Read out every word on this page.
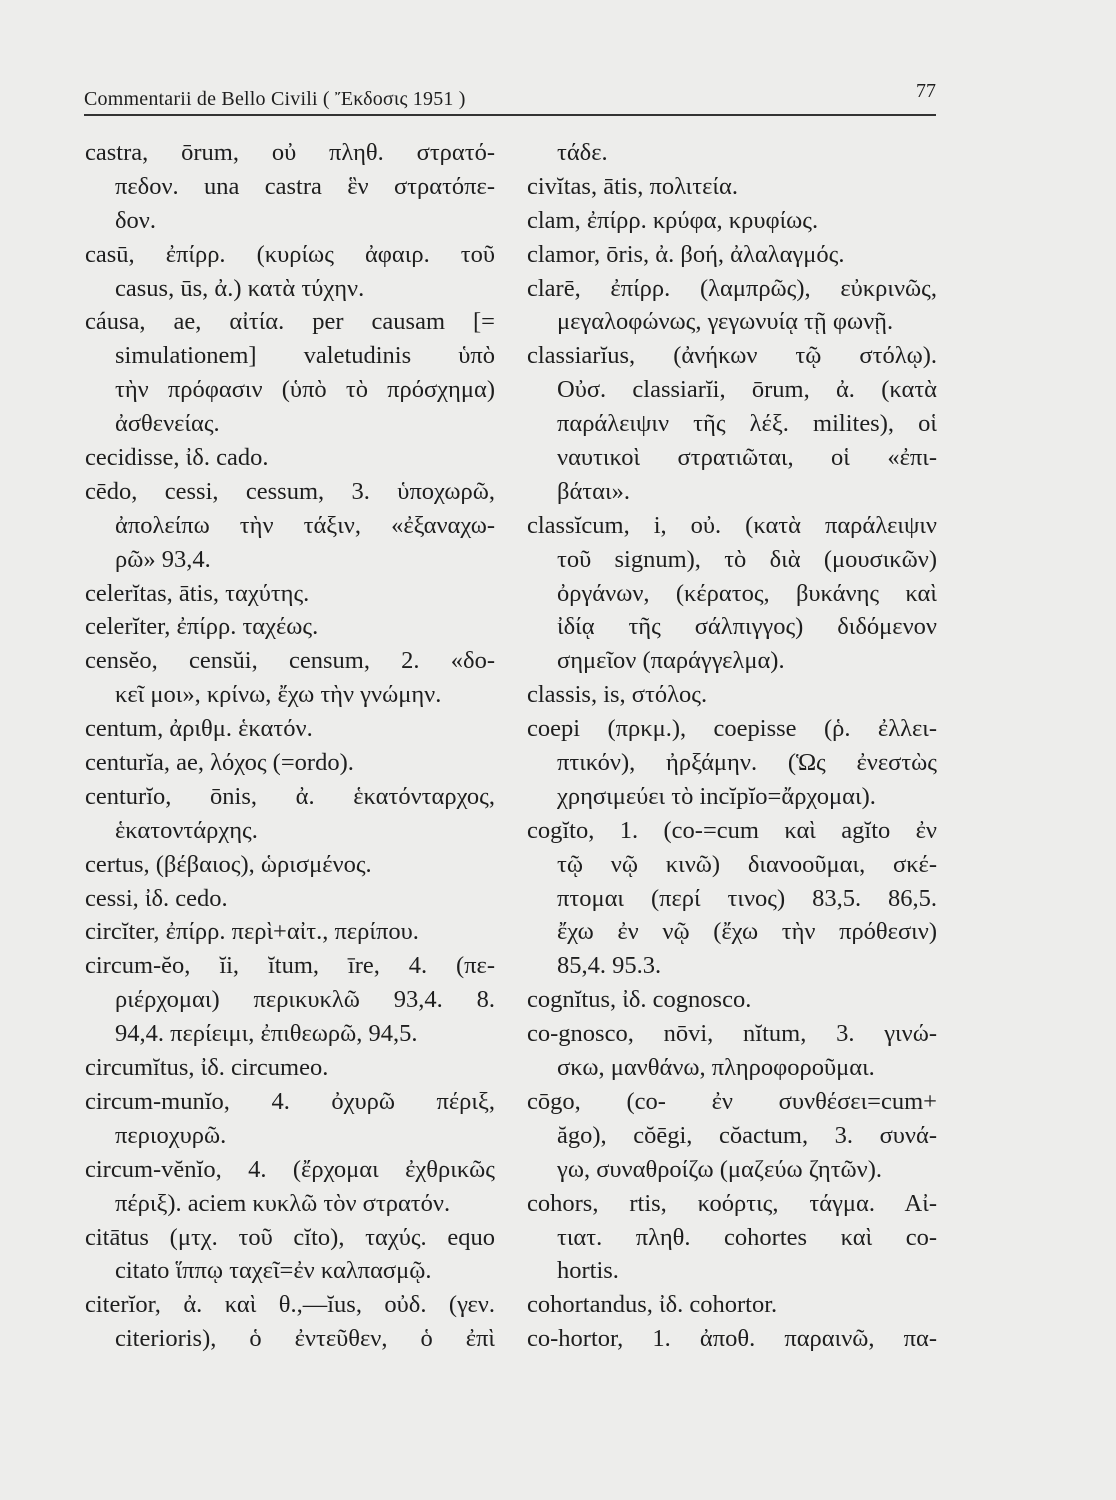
Commentarii de Bello Civili ( Ἔκδοσις 1951 )	77
castra, ōrum, οὐ πληθ. στρατό-
πεδον. una castra ἓν στρατόπε-
δον.
casū, ἐπίρρ. (κυρίως ἀφαιρ. τοῦ
casus, ūs, ἀ.) κατὰ τύχην.
cáusa, ae, αἰτία. per causam [=
simulationem] valetudinis ὑπὸ
τὴν πρόφασιν (ὑπὸ τὸ πρόσχημα)
ἀσθενείας.
cecidisse, ἰδ. cado.
cēdo, cessi, cessum, 3. ὑποχωρῶ,
ἀπολείπω τὴν τάξιν, «ἐξαναχω-
ρῶ» 93,4.
celerĭtas, ātis, ταχύτης.
celerĭter, ἐπίρρ. ταχέως.
censĕo, censŭi, censum, 2. «δο-
κεῖ μοι», κρίνω, ἔχω τὴν γνώμην.
centum, ἀριθμ. ἑκατόν.
centurĭa, ae, λόχος (=ordo).
centurĭo, ōnis, ἀ. ἑκατόνταρχος,
ἑκατοντάρχης.
certus, (βέβαιος), ὡρισμένος.
cessi, ἰδ. cedo.
circĭter, ἐπίρρ. περὶ+αἰτ., περίπου.
circum-ĕo, ĭi, ĭtum, īre, 4. (πε-
ριέρχομαι) περικυκλῶ 93,4. 8.
94,4. περίειμι, ἐπιθεωρῶ, 94,5.
circumĭtus, ἰδ. circumeo.
circum-munĭo, 4. ὀχυρῶ πέριξ,
περιοχυρῶ.
circum-vĕnĭo, 4. (ἔρχομαι ἐχθρικῶς
πέριξ). aciem κυκλῶ τὸν στρατόν.
citātus (μτχ. τοῦ cĭto), ταχύς. equo
citato ἵππῳ ταχεῖ=ἐν καλπασμῷ.
citerĭor, ἀ. καὶ θ.,—ĭus, οὐδ. (γεν.
citerioris), ὁ ἐντεῦθεν, ὁ ἐπὶ
τάδε.
civĭtas, ātis, πολιτεία.
clam, ἐπίρρ. κρύφα, κρυφίως.
clamor, ōris, ἀ. βοή, ἀλαλαγμός.
clarē, ἐπίρρ. (λαμπρῶς), εὐκρινῶς,
μεγαλοφώνως, γεγωνυίᾳ τῇ φωνῇ.
classiarĭus, (ἀνήκων τῷ στόλῳ).
Οὐσ. classiarĭi, ōrum, ἀ. (κατὰ
παράλειψιν τῆς λέξ. milites), οἱ
ναυτικοὶ στρατιῶται, οἱ «ἐπι-
βάται».
classĭcum, i, οὐ. (κατὰ παράλειψιν
τοῦ signum), τὸ διὰ (μουσικῶν)
ὀργάνων, (κέρατος, βυκάνης καὶ
ἰδίᾳ τῆς σάλπιγγος) διδόμενον
σημεῖον (παράγγελμα).
classis, is, στόλος.
coepi (πρκμ.), coepisse (ῥ. ἐλλει-
πτικόν), ἠρξάμην. (Ὡς ἐνεστὼς
χρησιμεύει τὸ incĭpĭo=ἄρχομαι).
cogĭto, 1. (co-=cum καὶ agĭto ἐν
τῷ νῷ κινῶ) διανοοῦμαι, σκέ-
πτομαι (περί τινος) 83,5. 86,5.
ἔχω ἐν νῷ (ἔχω τὴν πρόθεσιν)
85,4. 95.3.
cognĭtus, ἰδ. cognosco.
co-gnosco, nōvi, nĭtum, 3. γινώ-
σκω, μανθάνω, πληροφοροῦμαι.
cōgo, (co- ἐν συνθέσει=cum+
ăgo), cŏēgi, cŏactum, 3. συνά-
γω, συναθροίζω (μαζεύω ζητῶν).
cohors, rtis, κοόρτις, τάγμα. Αἰ-
τιατ. πληθ. cohortes καὶ co-
hortis.
cohortandus, ἰδ. cohortor.
co-hortor, 1. ἀποθ. παραινῶ, πα-
